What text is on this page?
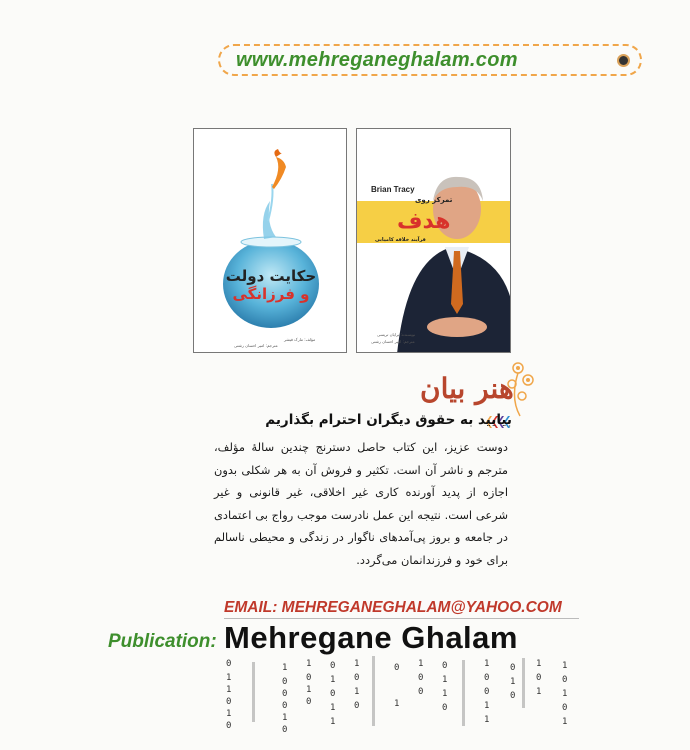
www.mehreganeghalam.com
حکایت دولت
و فرزانگی
مؤلف: مارک فیشر
مترجم: امیر احسان رشتی
Brian Tracy
تمرکز روی
هدف
فرآیند خلاقه کامیابی
نویسنده: برایان تریسی
مترجم: امیر احسان رشتی
هنر بیان
بیایید به حقوق دیگران احترام بگذاریم
دوست عزیز، این کتاب حاصل دسترنج چندین سالهٔ مؤلف، مترجم و ناشر آن است. تکثیر و فروش آن به هر شکلی بدون اجازه از پدید آورنده کاری غیر اخلاقی، غیر قانونی و غیر شرعی است. نتیجه این عمل نادرست موجب رواج بی اعتمادی در جامعه و بروز پی‌آمدهای ناگوار در زندگی و محیطی ناسالم برای خود و فرزندانمان می‌گردد.
EMAIL: MEHREGANEGHALAM@YAHOO.COM
Publication: Mehregane Ghalam
0
1
1
0
1
0
1
0
0
0
1
0
1
0
1
0
0
1
0
1
1
1
0
1
0
0
1
1
0
0
0
1
1
0
1
0
0
1
1
0
1
0
1
0
1
1
0
1
0
1
